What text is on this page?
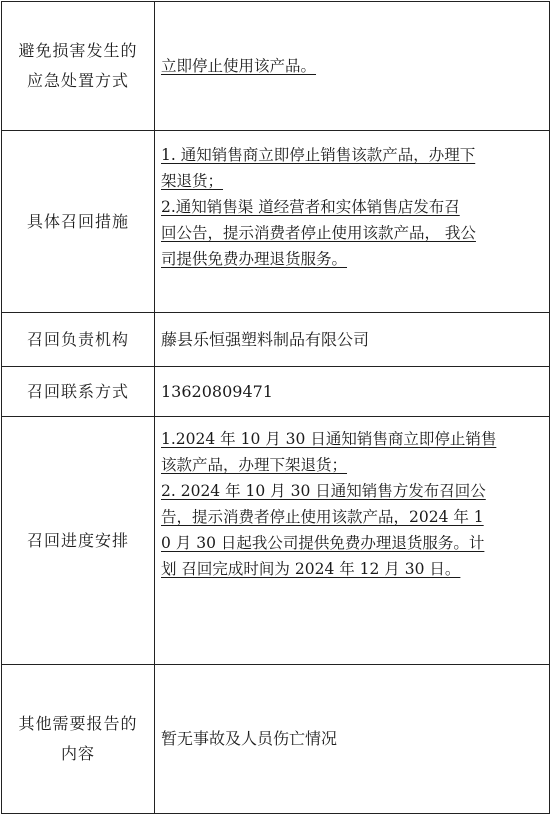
避免损害发生的
应急处置方式
立即停止使用该产品。
具体召回措施
1. 通知销售商立即停止销售该款产品，办理下
架退货；
2.通知销售渠 道经营者和实体销售店发布召
回公告，提示消费者停止使用该款产品， 我公
司提供免费办理退货服务。
召回负责机构	藤县乐恒强塑料制品有限公司
召回联系方式	13620809471
召回进度安排
1.2024 年 10 月 30 日通知销售商立即停止销售
该款产品，办理下架退货；
2. 2024 年 10 月 30 日通知销售方发布召回公
告，提示消费者停止使用该款产品，2024 年 1
0 月 30 日起我公司提供免费办理退货服务。计
划 召回完成时间为 2024 年 12 月 30 日。
其他需要报告的
内容
暂无事故及人员伤亡情况
